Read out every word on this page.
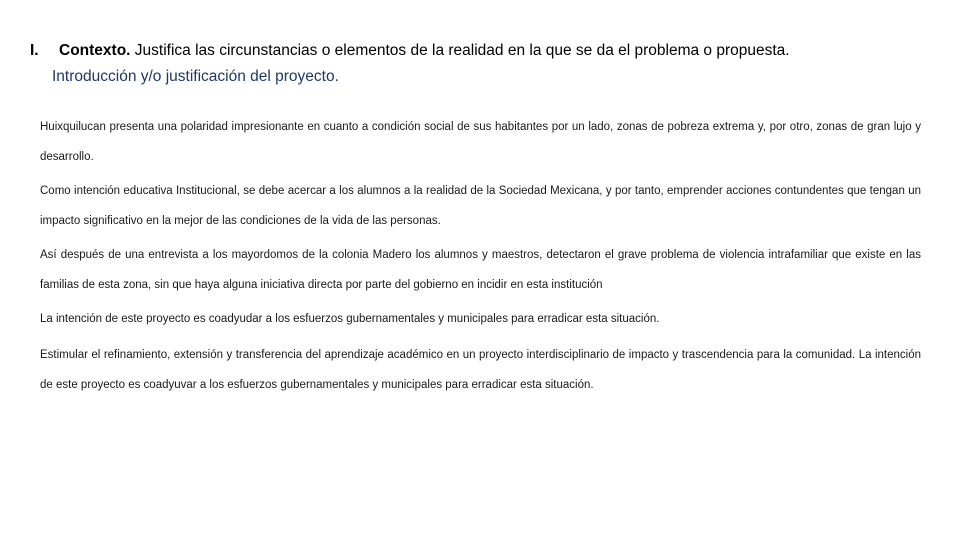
I. Contexto. Justifica las circunstancias o elementos de la realidad en la que se da el problema o propuesta.
Introducción y/o justificación del proyecto.

Huixquilucan presenta una polaridad impresionante en cuanto a condición social de sus habitantes por un lado, zonas de pobreza extrema y, por otro, zonas de gran lujo y desarrollo.

Como intención educativa Institucional, se debe acercar a los alumnos a la realidad de la Sociedad Mexicana, y por tanto, emprender acciones contundentes que tengan un impacto significativo en la mejor de las condiciones de la vida de las personas.

Así después de una entrevista a los mayordomos de la colonia Madero los alumnos y maestros, detectaron el grave problema de violencia intrafamiliar que existe en las familias de esta zona, sin que haya alguna iniciativa directa por parte del gobierno en incidir en esta institución

La intención de este proyecto es coadyudar a los esfuerzos gubernamentales y municipales para erradicar esta situación.

Estimular el refinamiento, extensión y transferencia del aprendizaje académico en un proyecto interdisciplinario de impacto y trascendencia para la comunidad. La intención de este proyecto es coadyuvar a los esfuerzos gubernamentales y municipales para erradicar esta situación.
